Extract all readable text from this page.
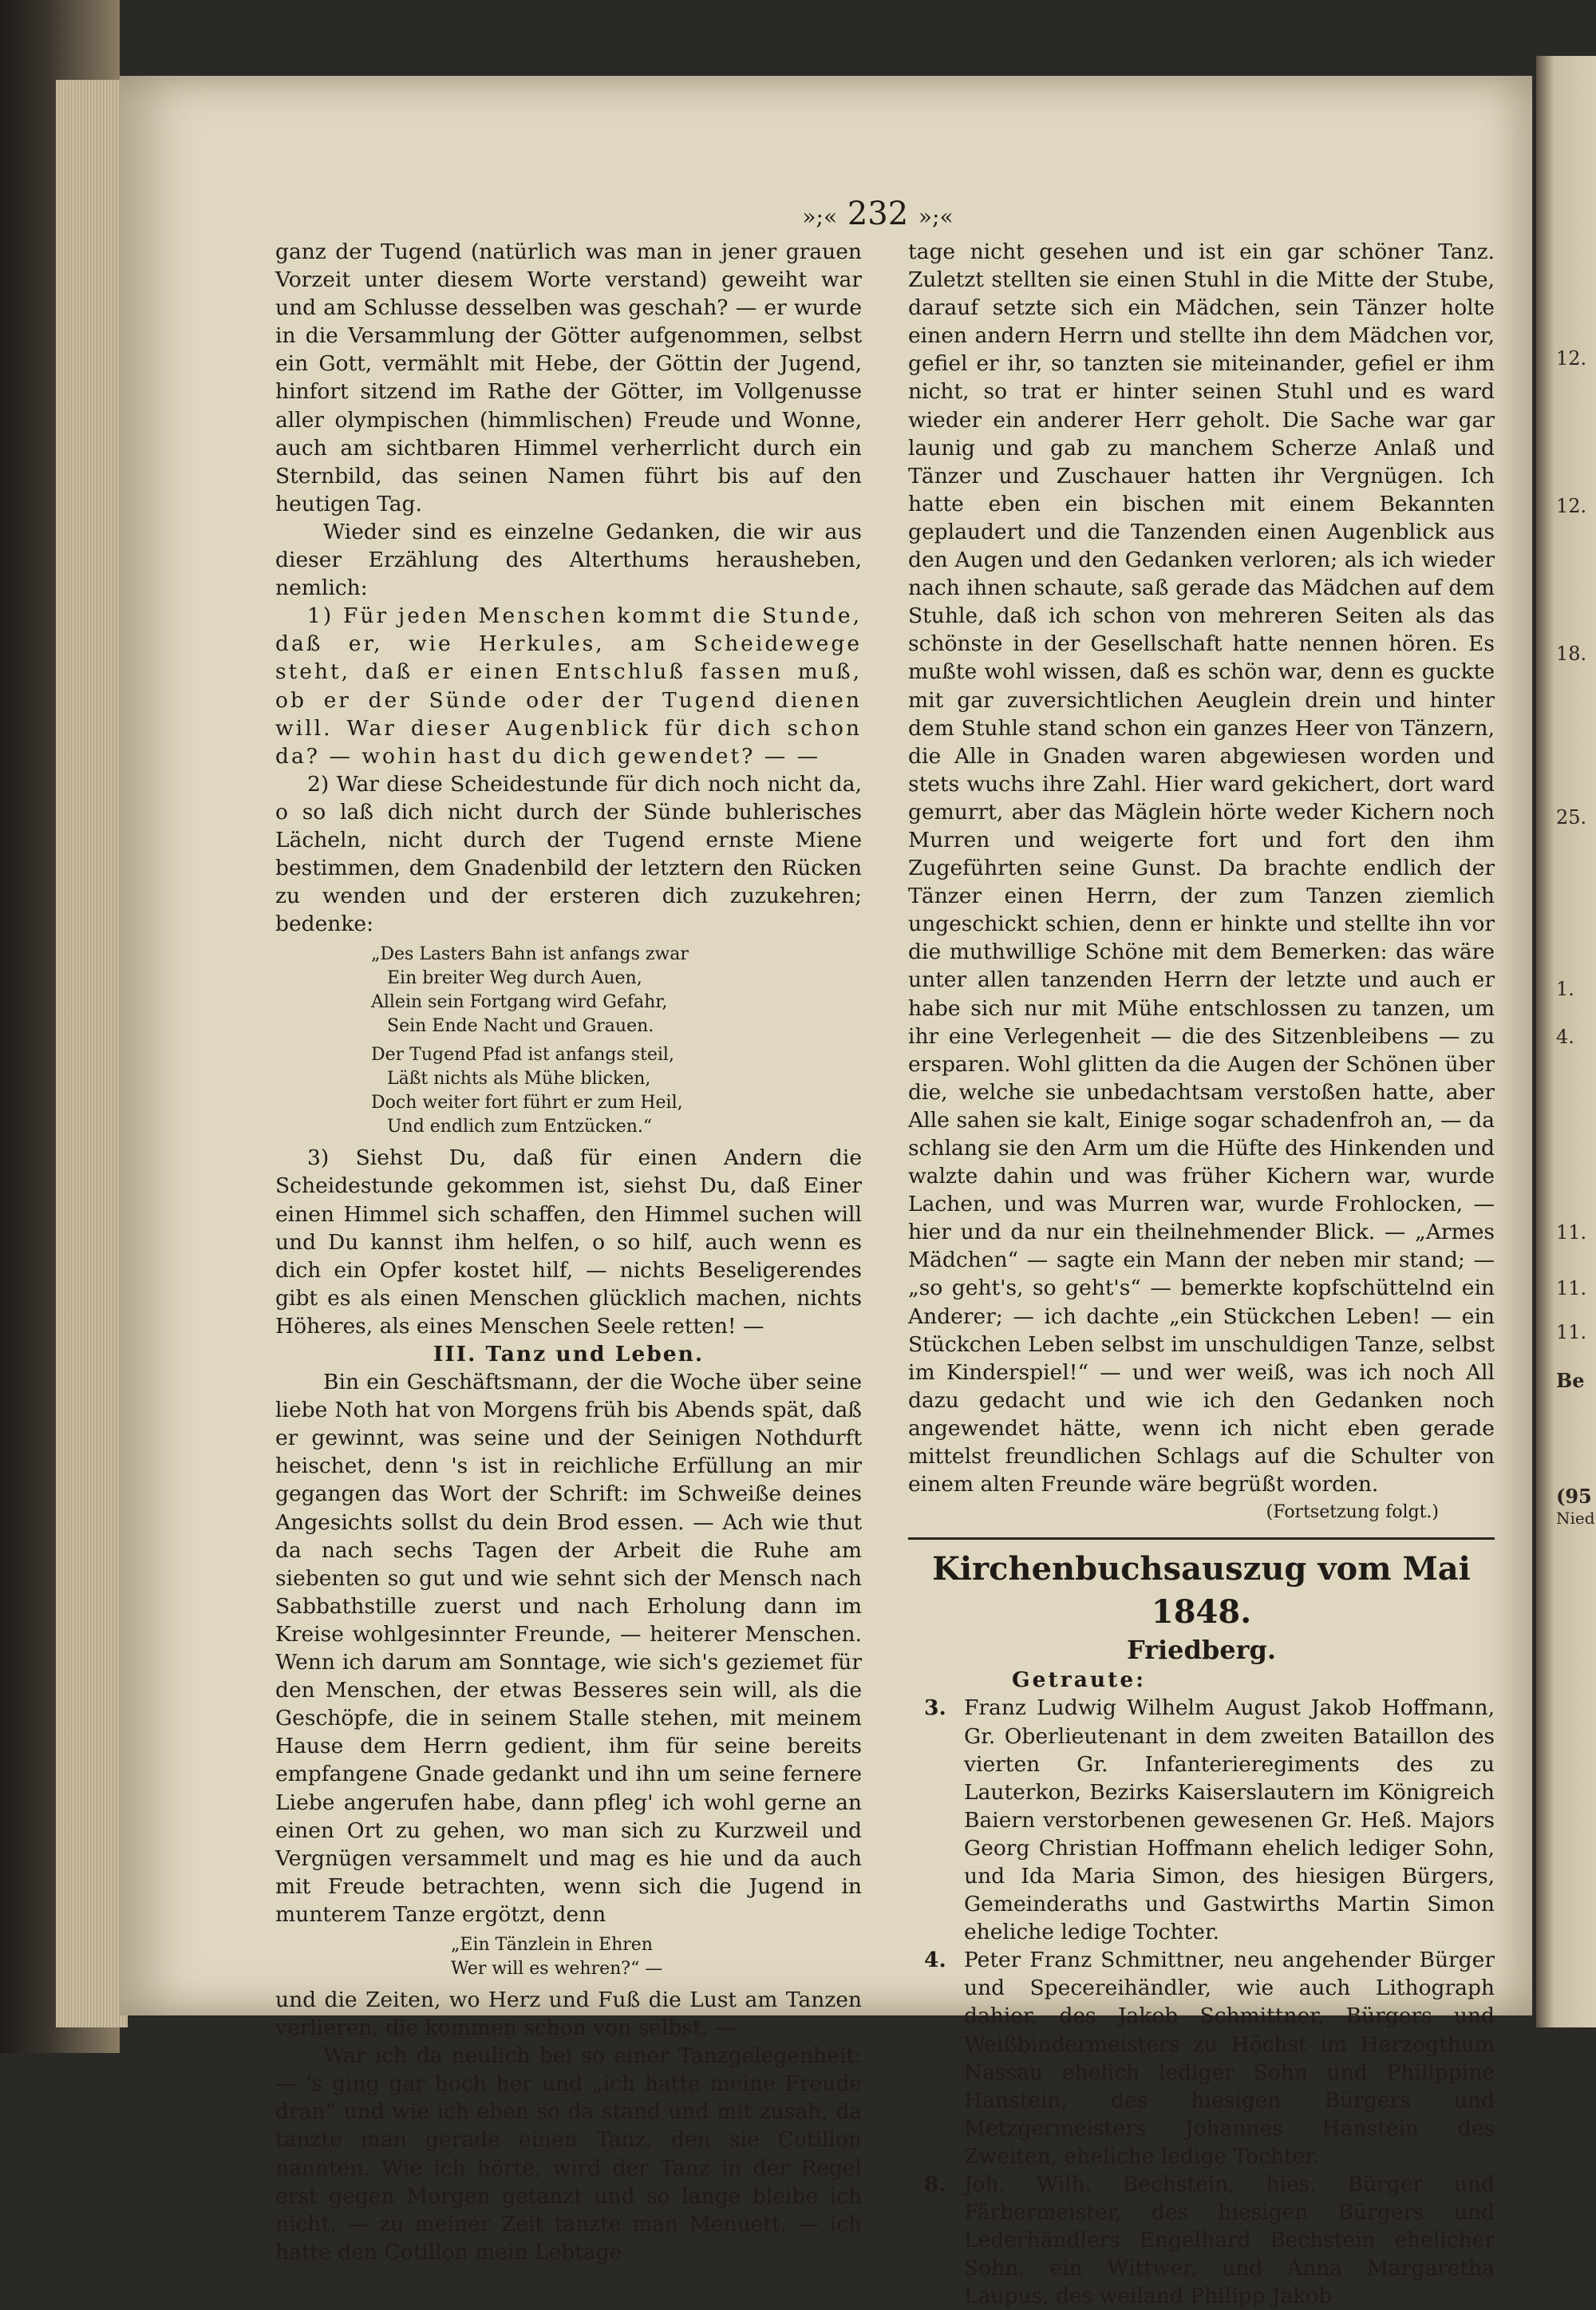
12.
12.
18.
25.
1.
4.
11.
11.
11.
Be
(95
Nied
»;« 232 »;«

ganz der Tugend (natürlich was man in jener grauen Vorzeit unter diesem Worte verstand) geweiht war und am Schlusse desselben was geschah? — er wurde in die Versammlung der Götter aufgenommen, selbst ein Gott, vermählt mit Hebe, der Göttin der Jugend, hinfort sitzend im Rathe der Götter, im Vollgenusse aller olympischen (himmlischen) Freude und Wonne, auch am sichtbaren Himmel verherrlicht durch ein Sternbild, das seinen Namen führt bis auf den heutigen Tag.

Wieder sind es einzelne Gedanken, die wir aus dieser Erzählung des Alterthums herausheben, nemlich:

1) Für jeden Menschen kommt die Stunde, daß er, wie Herkules, am Scheidewege steht, daß er einen Entschluß fassen muß, ob er der Sünde oder der Tugend dienen will. War dieser Augenblick für dich schon da? — wohin hast du dich gewendet? — —

2) War diese Scheidestunde für dich noch nicht da, o so laß dich nicht durch der Sünde buhlerisches Lächeln, nicht durch der Tugend ernste Miene bestimmen, dem Gnadenbild der letztern den Rücken zu wenden und der ersteren dich zuzukehren; bedenke:

„Des Lasters Bahn ist anfangs zwar
Ein breiter Weg durch Auen,
Allein sein Fortgang wird Gefahr,
Sein Ende Nacht und Grauen.

Der Tugend Pfad ist anfangs steil,
Läßt nichts als Mühe blicken,
Doch weiter fort führt er zum Heil,
Und endlich zum Entzücken.“

3) Siehst Du, daß für einen Andern die Scheidestunde gekommen ist, siehst Du, daß Einer einen Himmel sich schaffen, den Himmel suchen will und Du kannst ihm helfen, o so hilf, auch wenn es dich ein Opfer kostet hilf, — nichts Beseligerendes gibt es als einen Menschen glücklich machen, nichts Höheres, als eines Menschen Seele retten! —

III. Tanz und Leben.

Bin ein Geschäftsmann, der die Woche über seine liebe Noth hat von Morgens früh bis Abends spät, daß er gewinnt, was seine und der Seinigen Nothdurft heischet, denn 's ist in reichliche Erfüllung an mir gegangen das Wort der Schrift: im Schweiße deines Angesichts sollst du dein Brod essen. — Ach wie thut da nach sechs Tagen der Arbeit die Ruhe am siebenten so gut und wie sehnt sich der Mensch nach Sabbathstille zuerst und nach Erholung dann im Kreise wohlgesinnter Freunde, — heiterer Menschen. Wenn ich darum am Sonntage, wie sich's geziemet für den Menschen, der etwas Besseres sein will, als die Geschöpfe, die in seinem Stalle stehen, mit meinem Hause dem Herrn gedient, ihm für seine bereits empfangene Gnade gedankt und ihn um seine fernere Liebe angerufen habe, dann pfleg' ich wohl gerne an einen Ort zu gehen, wo man sich zu Kurzweil und Vergnügen versammelt und mag es hie und da auch mit Freude betrachten, wenn sich die Jugend in munterem Tanze ergötzt, denn

„Ein Tänzlein in Ehren
Wer will es wehren?“ —

und die Zeiten, wo Herz und Fuß die Lust am Tanzen verlieren, die kommen schon von selbst. —

War ich da neulich bei so einer Tanzgelegenheit: — 's ging gar hoch her und „ich hatte meine Freude dran“ und wie ich eben so da stand und mit zusah, da tanzte man gerade einen Tanz, den sie Cotillon nannten. Wie ich hörte, wird der Tanz in der Regel erst gegen Morgen getanzt und so lange bleibe ich nicht, — zu meiner Zeit tanzte man Menuett, — ich hatte den Cotillon mein Lebtage

tage nicht gesehen und ist ein gar schöner Tanz. Zuletzt stellten sie einen Stuhl in die Mitte der Stube, darauf setzte sich ein Mädchen, sein Tänzer holte einen andern Herrn und stellte ihn dem Mädchen vor, gefiel er ihr, so tanzten sie miteinander, gefiel er ihm nicht, so trat er hinter seinen Stuhl und es ward wieder ein anderer Herr geholt. Die Sache war gar launig und gab zu manchem Scherze Anlaß und Tänzer und Zuschauer hatten ihr Vergnügen. Ich hatte eben ein bischen mit einem Bekannten geplaudert und die Tanzenden einen Augenblick aus den Augen und den Gedanken verloren; als ich wieder nach ihnen schaute, saß gerade das Mädchen auf dem Stuhle, daß ich schon von mehreren Seiten als das schönste in der Gesellschaft hatte nennen hören. Es mußte wohl wissen, daß es schön war, denn es guckte mit gar zuversichtlichen Aeuglein drein und hinter dem Stuhle stand schon ein ganzes Heer von Tänzern, die Alle in Gnaden waren abgewiesen worden und stets wuchs ihre Zahl. Hier ward gekichert, dort ward gemurrt, aber das Mäglein hörte weder Kichern noch Murren und weigerte fort und fort den ihm Zugeführten seine Gunst. Da brachte endlich der Tänzer einen Herrn, der zum Tanzen ziemlich ungeschickt schien, denn er hinkte und stellte ihn vor die muthwillige Schöne mit dem Bemerken: das wäre unter allen tanzenden Herrn der letzte und auch er habe sich nur mit Mühe entschlossen zu tanzen, um ihr eine Verlegenheit — die des Sitzenbleibens — zu ersparen. Wohl glitten da die Augen der Schönen über die, welche sie unbedachtsam verstoßen hatte, aber Alle sahen sie kalt, Einige sogar schadenfroh an, — da schlang sie den Arm um die Hüfte des Hinkenden und walzte dahin und was früher Kichern war, wurde Lachen, und was Murren war, wurde Frohlocken, — hier und da nur ein theilnehmender Blick. — „Armes Mädchen“ — sagte ein Mann der neben mir stand; — „so geht's, so geht's“ — bemerkte kopfschüttelnd ein Anderer; — ich dachte „ein Stückchen Leben! — ein Stückchen Leben selbst im unschuldigen Tanze, selbst im Kinderspiel!“ — und wer weiß, was ich noch All dazu gedacht und wie ich den Gedanken noch angewendet hätte, wenn ich nicht eben gerade mittelst freundlichen Schlags auf die Schulter von einem alten Freunde wäre begrüßt worden.

(Fortsetzung folgt.)

Kirchenbuchsauszug vom Mai 1848.

Friedberg.

Getraute:

3. Franz Ludwig Wilhelm August Jakob Hoffmann, Gr. Oberlieutenant in dem zweiten Bataillon des vierten Gr. Infanterieregiments des zu Lauterkon, Bezirks Kaiserslautern im Königreich Baiern verstorbenen gewesenen Gr. Heß. Majors Georg Christian Hoffmann ehelich lediger Sohn, und Ida Maria Simon, des hiesigen Bürgers, Gemeinderaths und Gastwirths Martin Simon eheliche ledige Tochter.
4. Peter Franz Schmittner, neu angehender Bürger und Specereihändler, wie auch Lithograph dahier, des Jakob Schmittner, Bürgers und Weißbindermeisters zu Höchst im Herzogthum Nassau ehelich lediger Sohn und Philippine Hanstein, des hiesigen Bürgers und Metzgermeisters Johannes Hanstein des Zweiten, eheliche ledige Tochter.
8. Joh. Wilh. Bechstein, hies. Bürger und Färbermeister, des hiesigen Bürgers und Lederhändlers Engelhard Bechstein ehelicher Sohn, ein Wittwer, und Anna Margaretha Laupus, des weiland Philipp Jakob
